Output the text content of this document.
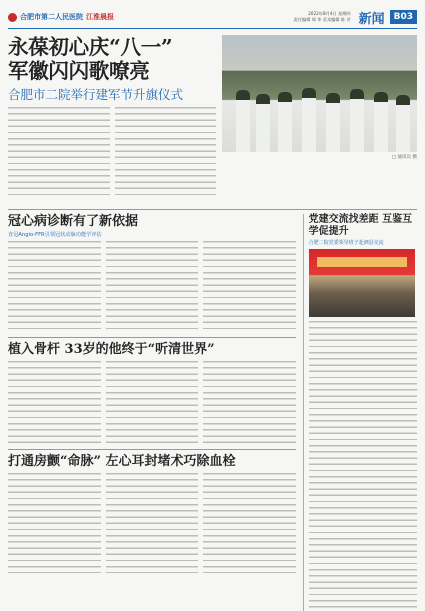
合肥市第二人民医院 江淮晨报	2022年8月4日 星期四
责任编辑 郑 华 美术编辑 陈 芳 新闻	B03
永葆初心庆“八一”
军徽闪闪歌嘹亮
合肥市二院举行建军节升旗仪式
□ 通讯员 摄
冠心病诊断有了新依据
直冠Angio-FFR引领冠状动脉功能学评估
植入骨杆 33岁的他终于“听清世界”
打通房颤“命脉” 左心耳封堵术巧除血栓
党建交流找差距 互鉴互学促提升
合肥二院党委领导班子赴泗县交流
